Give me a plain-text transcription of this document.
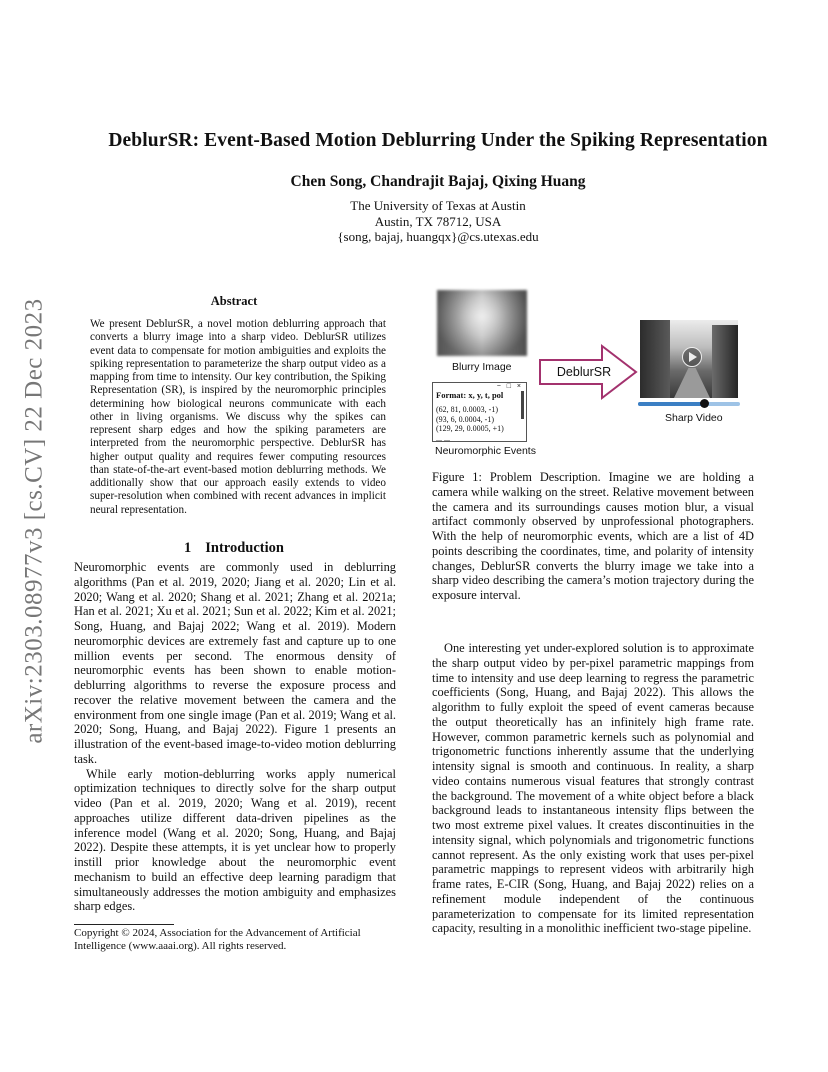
arXiv:2303.08977v3 [cs.CV] 22 Dec 2023
DeblurSR: Event-Based Motion Deblurring Under the Spiking Representation
Chen Song, Chandrajit Bajaj, Qixing Huang
The University of Texas at Austin
Austin, TX 78712, USA
{song, bajaj, huangqx}@cs.utexas.edu
Abstract
We present DeblurSR, a novel motion deblurring approach that converts a blurry image into a sharp video. DeblurSR utilizes event data to compensate for motion ambiguities and exploits the spiking representation to parameterize the sharp output video as a mapping from time to intensity. Our key contribution, the Spiking Representation (SR), is inspired by the neuromorphic principles determining how biological neurons communicate with each other in living organisms. We discuss why the spikes can represent sharp edges and how the spiking parameters are interpreted from the neuromorphic perspective. DeblurSR has higher output quality and requires fewer computing resources than state-of-the-art event-based motion deblurring methods. We additionally show that our approach easily extends to video super-resolution when combined with recent advances in implicit neural representation.
1 Introduction

Neuromorphic events are commonly used in deblurring algorithms (Pan et al. 2019, 2020; Jiang et al. 2020; Lin et al. 2020; Wang et al. 2020; Shang et al. 2021; Zhang et al. 2021a; Han et al. 2021; Xu et al. 2021; Sun et al. 2022; Kim et al. 2021; Song, Huang, and Bajaj 2022; Wang et al. 2019). Modern neuromorphic devices are extremely fast and capture up to one million events per second. The enormous density of neuromorphic events has been shown to enable motion-deblurring algorithms to reverse the exposure process and recover the relative movement between the camera and the environment from one single image (Pan et al. 2019; Wang et al. 2020; Song, Huang, and Bajaj 2022). Figure 1 presents an illustration of the event-based image-to-video motion deblurring task.

While early motion-deblurring works apply numerical optimization techniques to directly solve for the sharp output video (Pan et al. 2019, 2020; Wang et al. 2019), recent approaches utilize different data-driven pipelines as the inference model (Wang et al. 2020; Song, Huang, and Bajaj 2022). Despite these attempts, it is yet unclear how to properly instill prior knowledge about the neuromorphic event mechanism to build an effective deep learning paradigm that simultaneously addresses the motion ambiguity and emphasizes sharp edges.

Copyright © 2024, Association for the Advancement of Artificial Intelligence (www.aaai.org). All rights reserved.
Blurry Image	DeblurSR
Sharp Video
− □ ×
Format: x, y, t, pol
(62, 81, 0.0003, -1)
(93, 6, 0.0004, -1)
(129, 29, 0.0005, +1)
... ...
Neuromorphic Events
Figure 1: Problem Description. Imagine we are holding a camera while walking on the street. Relative movement between the camera and its surroundings causes motion blur, a visual artifact commonly observed by unprofessional photographers. With the help of neuromorphic events, which are a list of 4D points describing the coordinates, time, and polarity of intensity changes, DeblurSR converts the blurry image we take into a sharp video describing the camera’s motion trajectory during the exposure interval.

One interesting yet under-explored solution is to approximate the sharp output video by per-pixel parametric mappings from time to intensity and use deep learning to regress the parametric coefficients (Song, Huang, and Bajaj 2022). This allows the algorithm to fully exploit the speed of event cameras because the output theoretically has an infinitely high frame rate. However, common parametric kernels such as polynomial and trigonometric functions inherently assume that the underlying intensity signal is smooth and continuous. In reality, a sharp video contains numerous visual features that strongly contrast the background. The movement of a white object before a black background leads to instantaneous intensity flips between the two most extreme pixel values. It creates discontinuities in the intensity signal, which polynomials and trigonometric functions cannot represent. As the only existing work that uses per-pixel parametric mappings to represent videos with arbitrarily high frame rates, E-CIR (Song, Huang, and Bajaj 2022) relies on a refinement module independent of the continuous parameterization to compensate for its limited representation capacity, resulting in a monolithic inefficient two-stage pipeline.
